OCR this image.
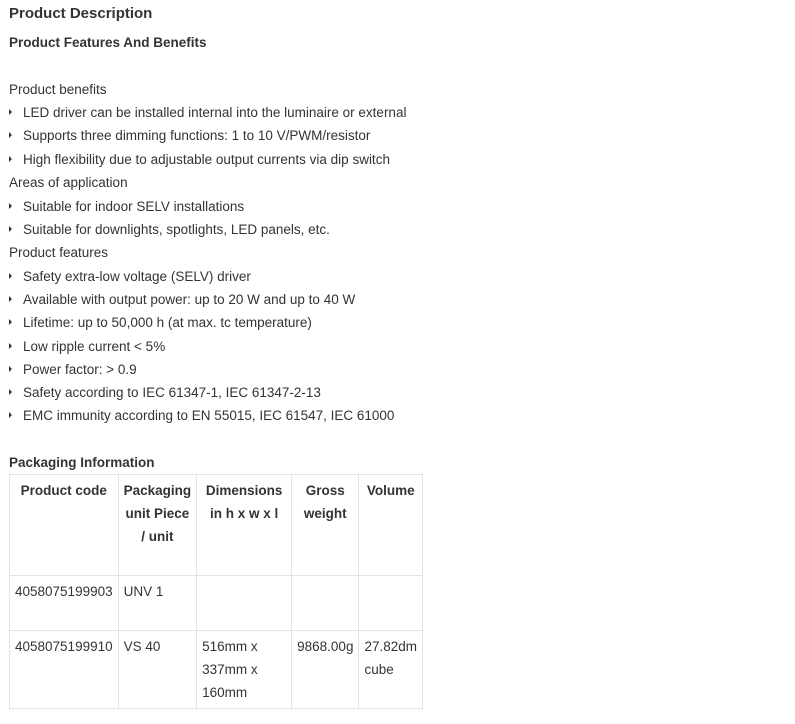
Product Description
Product Features And Benefits
Product benefits
LED driver can be installed internal into the luminaire or external
Supports three dimming functions: 1 to 10 V/PWM/resistor
High flexibility due to adjustable output currents via dip switch
Areas of application
Suitable for indoor SELV installations
Suitable for downlights, spotlights, LED panels, etc.
Product features
Safety extra-low voltage (SELV) driver
Available with output power: up to 20 W and up to 40 W
Lifetime: up to 50,000 h (at max. tc temperature)
Low ripple current < 5%
Power factor: > 0.9
Safety according to IEC 61347-1, IEC 61347-2-13
EMC immunity according to EN 55015, IEC 61547, IEC 61000
Packaging Information
Product code	Packaging unit Piece / unit	Dimensions in h x w x l	Gross weight	Volume
4058075199903	UNV 1			
4058075199910	VS 40	516mm x 337mm x 160mm	9868.00g	27.82dm cube
